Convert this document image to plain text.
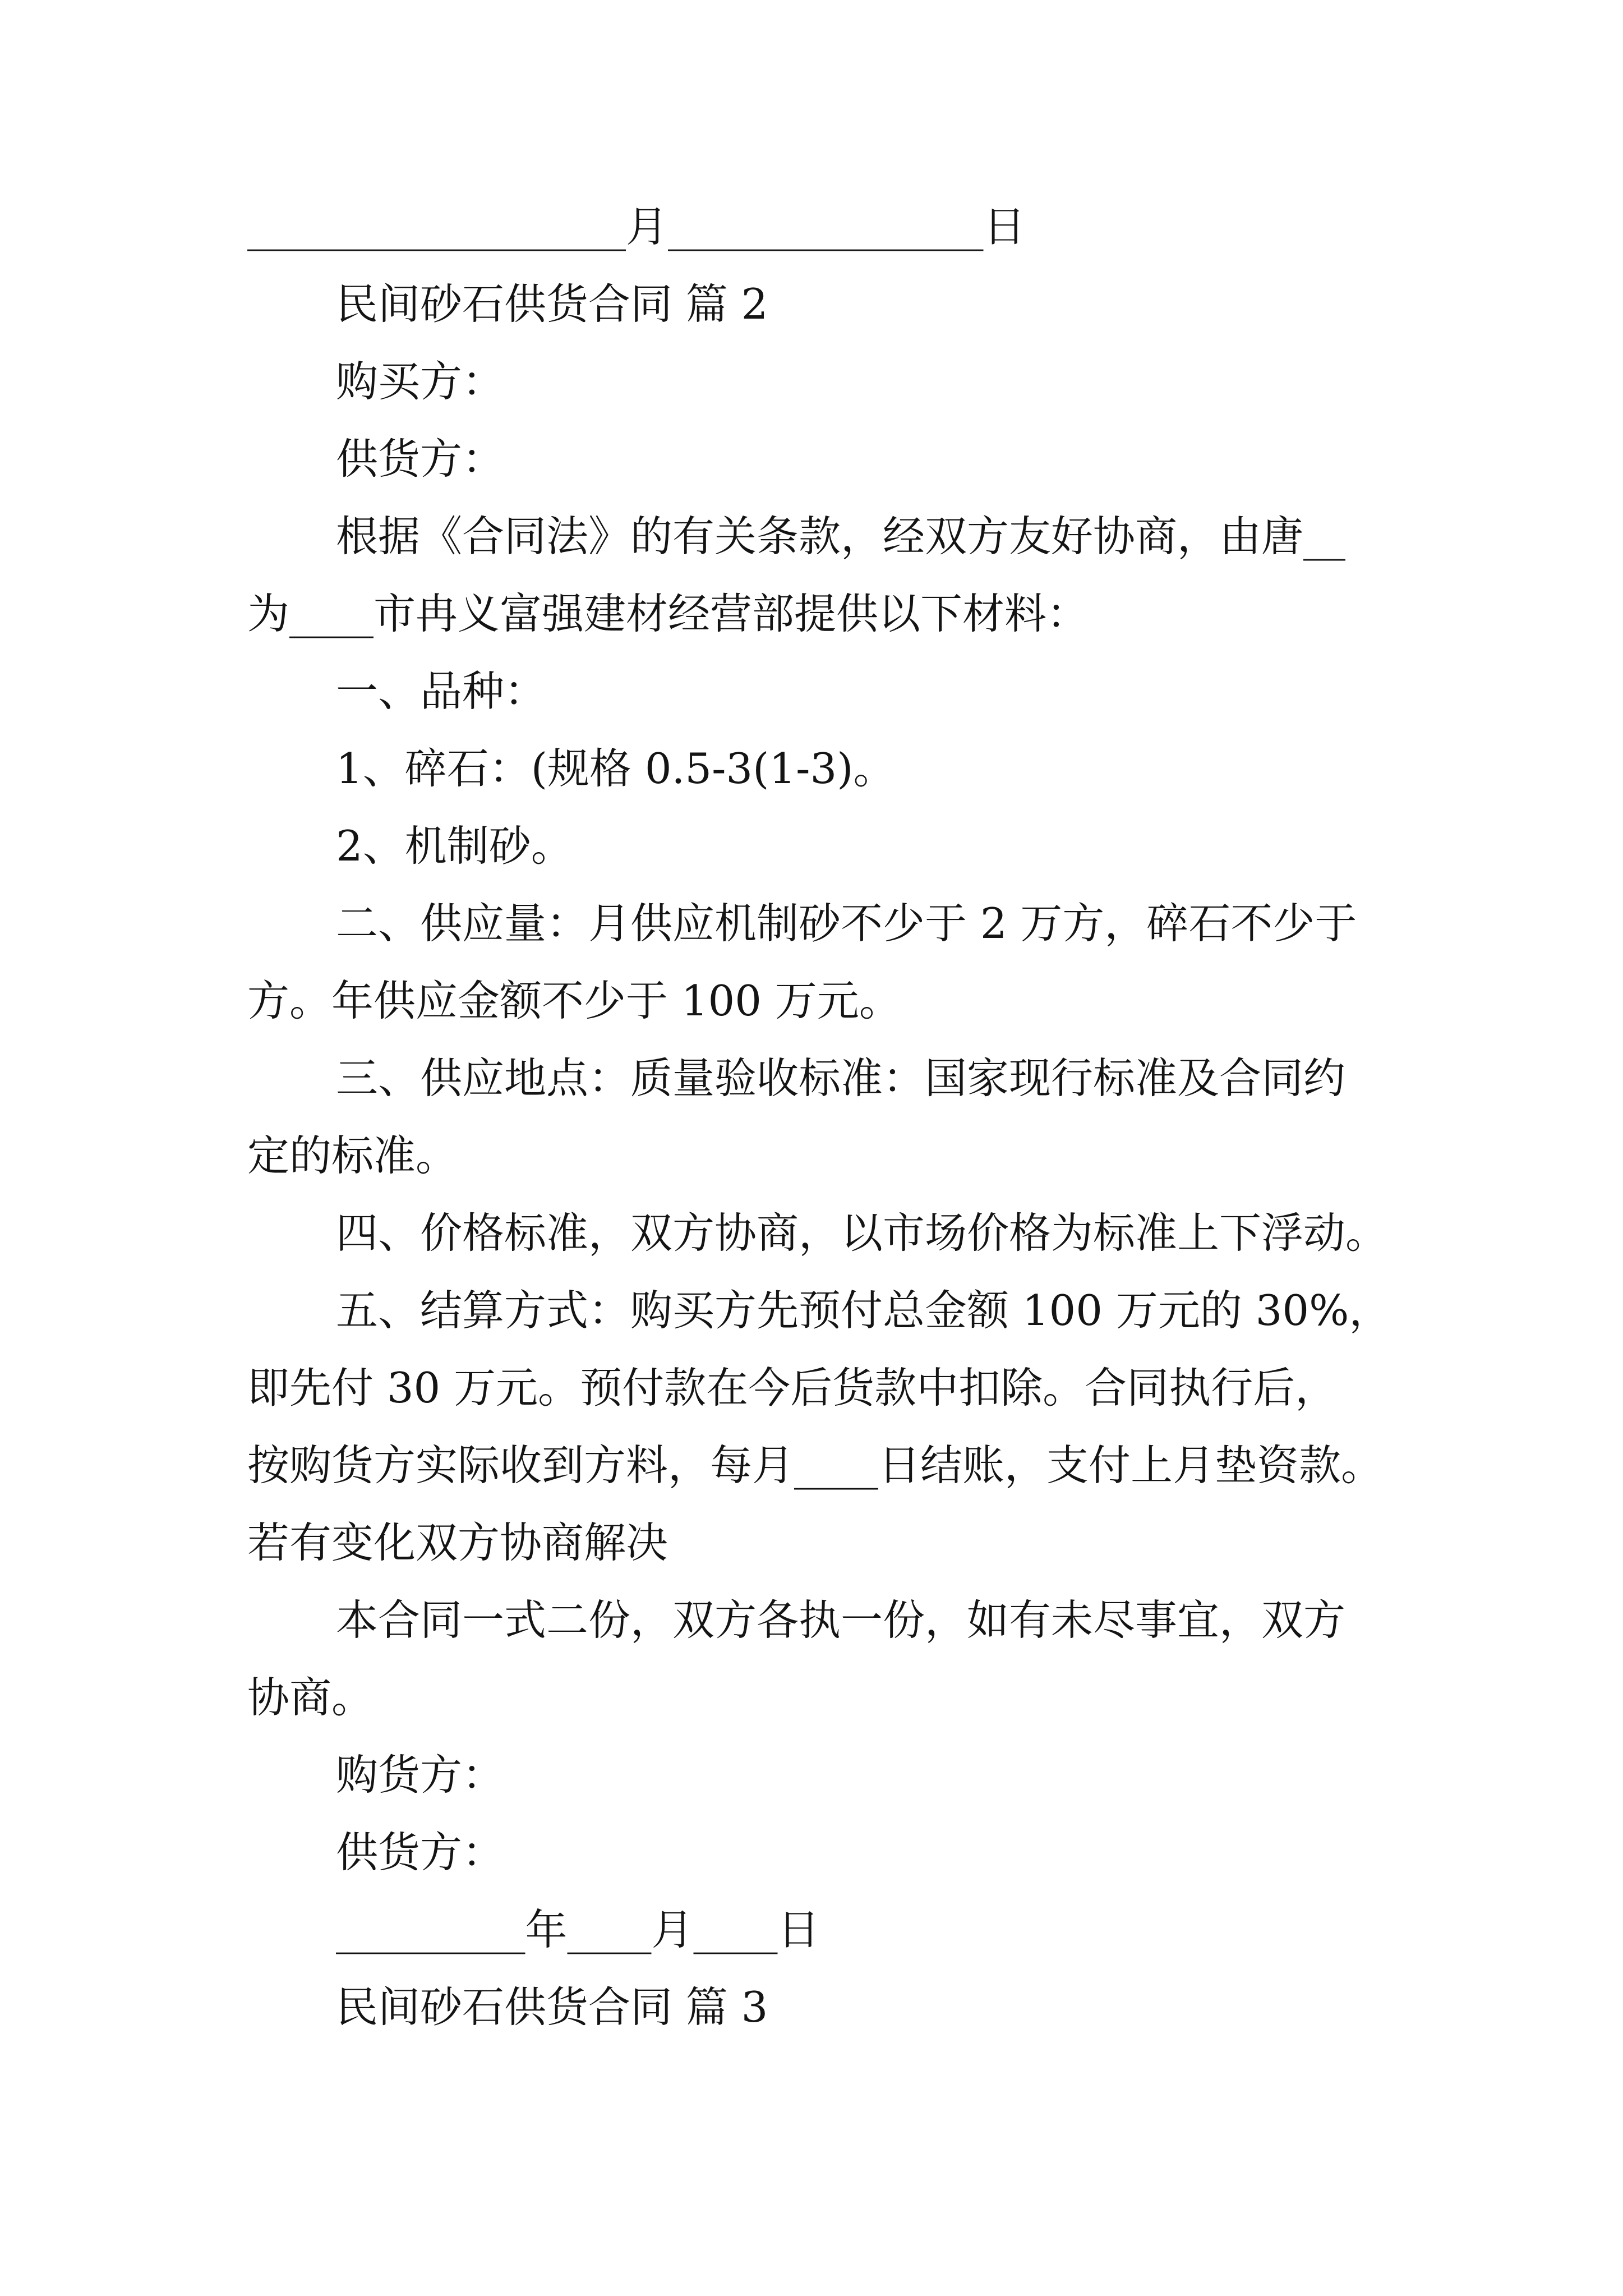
__________________月_______________日
民间砂石供货合同 篇 2
购买方：
供货方：
根据《合同法》的有关条款，经双方友好协商，由唐__
为____市冉义富强建材经营部提供以下材料：
一、品种：
1、碎石：(规格 0.5-3(1-3)。
2、机制砂。
二、供应量：月供应机制砂不少于 2 万方，碎石不少于
方。年供应金额不少于 100 万元。
三、供应地点：质量验收标准：国家现行标准及合同约
定的标准。
四、价格标准，双方协商，以市场价格为标准上下浮动。
五、结算方式：购买方先预付总金额 100 万元的 30%，
即先付 30 万元。预付款在今后货款中扣除。合同执行后，
按购货方实际收到方料，每月____日结账，支付上月垫资款。
若有变化双方协商解决
本合同一式二份，双方各执一份，如有未尽事宜，双方
协商。
购货方：
供货方：
_________年____月____日
民间砂石供货合同 篇 3
